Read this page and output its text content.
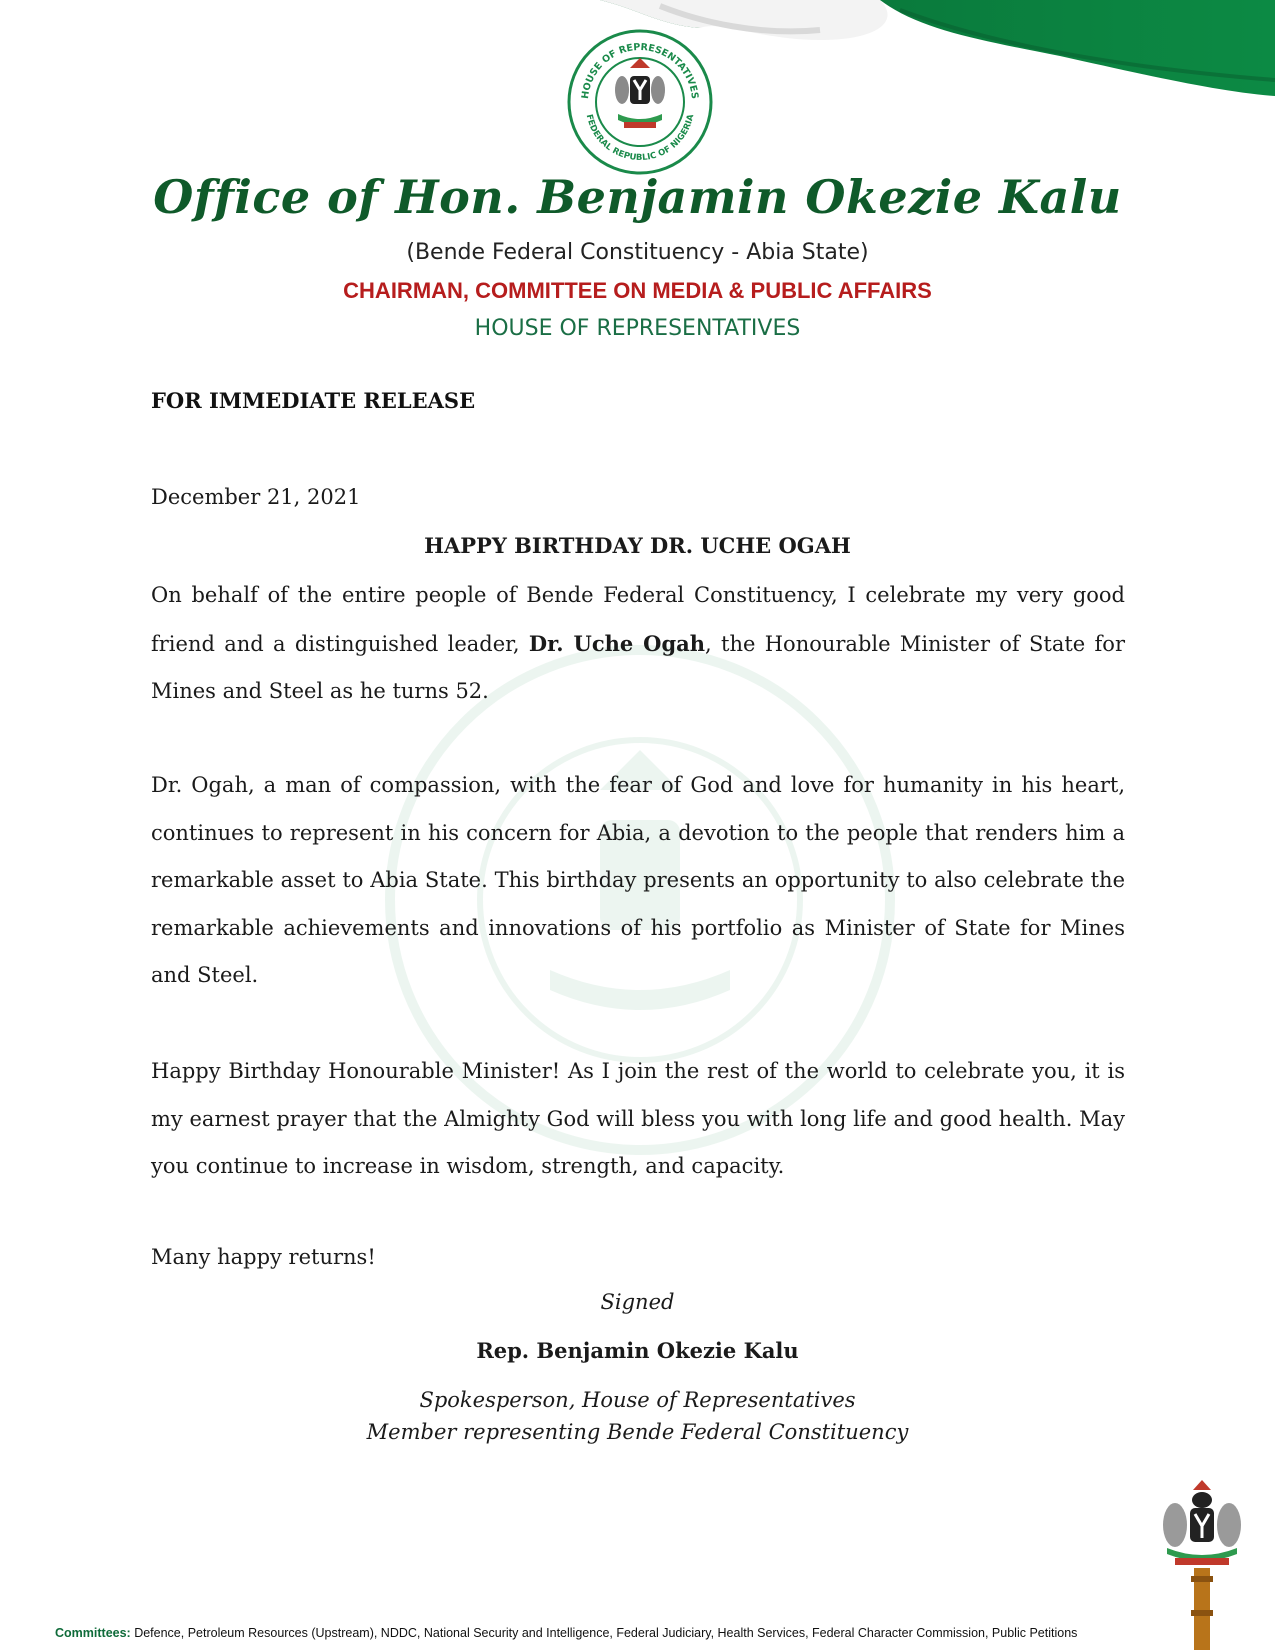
HOUSE OF REPRESENTATIVES
FEDERAL REPUBLIC OF NIGERIA
Office of Hon. Benjamin Okezie Kalu
(Bende Federal Constituency - Abia State)
CHAIRMAN, COMMITTEE ON MEDIA & PUBLIC AFFAIRS
HOUSE OF REPRESENTATIVES
FOR IMMEDIATE RELEASE
December 21, 2021
HAPPY BIRTHDAY DR. UCHE OGAH

On behalf of the entire people of Bende Federal Constituency, I celebrate my very good friend and a distinguished leader, Dr. Uche Ogah, the Honourable Minister of State for Mines and Steel as he turns 52.

Dr. Ogah, a man of compassion, with the fear of God and love for humanity in his heart, continues to represent in his concern for Abia, a devotion to the people that renders him a remarkable asset to Abia State. This birthday presents an opportunity to also celebrate the remarkable achievements and innovations of his portfolio as Minister of State for Mines and Steel.

Happy Birthday Honourable Minister! As I join the rest of the world to celebrate you, it is my earnest prayer that the Almighty God will bless you with long life and good health. May you continue to increase in wisdom, strength, and capacity.

Many happy returns!
Signed
Rep. Benjamin Okezie Kalu
Spokesperson, House of Representatives
Member representing Bende Federal Constituency
Committees: Defence, Petroleum Resources (Upstream), NDDC, National Security and Intelligence, Federal Judiciary, Health Services, Federal Character Commission, Public Petitions
